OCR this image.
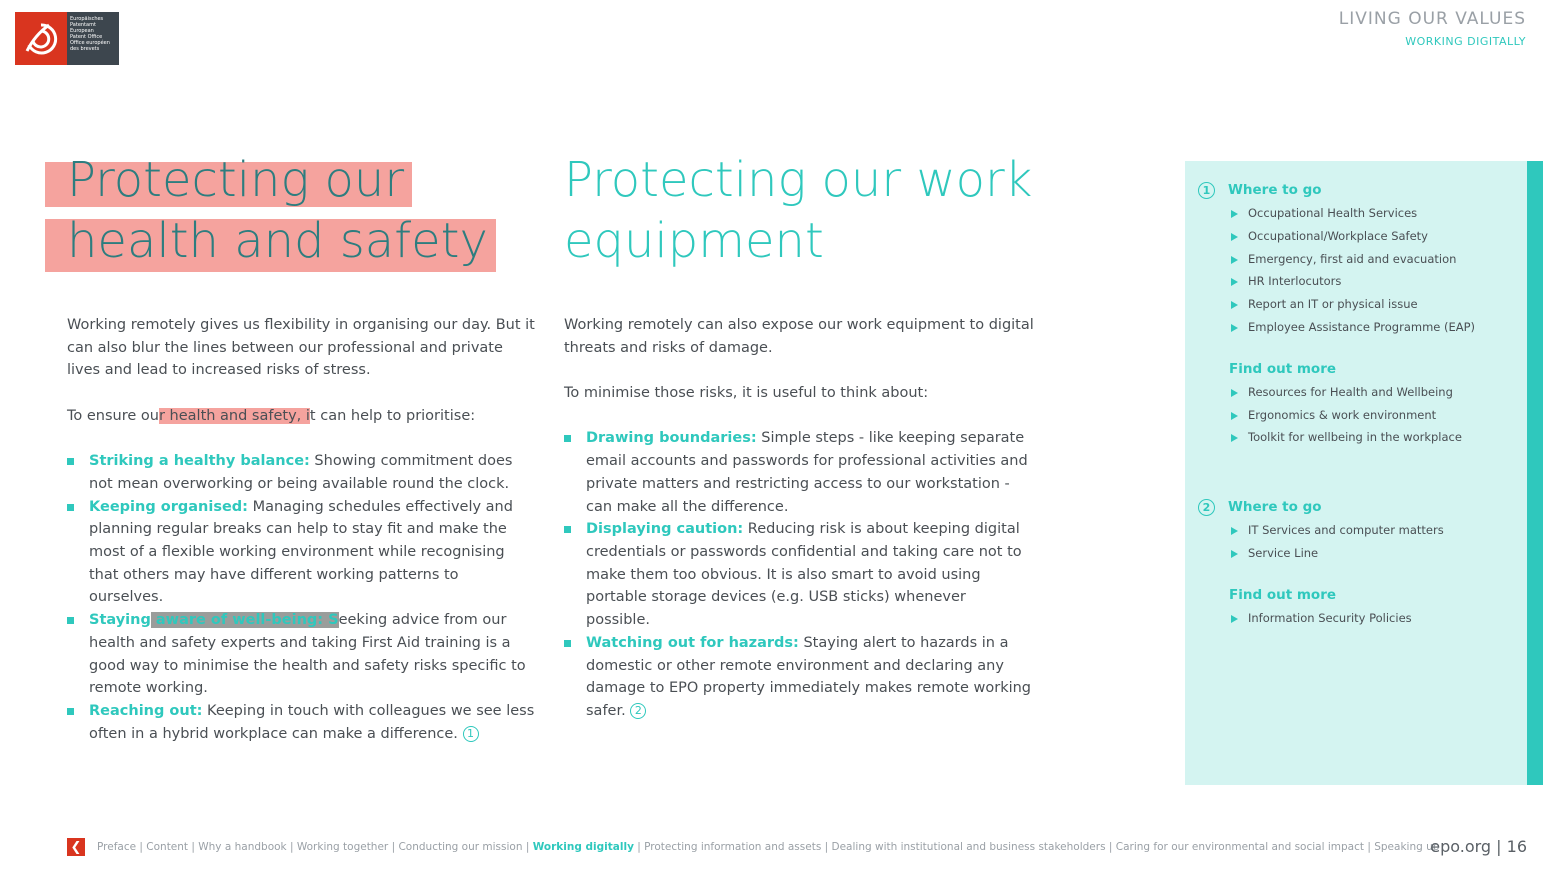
Europäisches
Patentamt
European
Patent Office
Office européen
des brevets
LIVING OUR VALUES
WORKING DIGITALLY
Protecting our
health and safety

Working remotely gives us flexibility in organising our day. But it can also blur the lines between our professional and private lives and lead to increased risks of stress.

To ensure our health and safety, it can help to prioritise:

Striking a healthy balance: Showing commitment does not mean overworking or being available round the clock.
Keeping organised: Managing schedules effectively and planning regular breaks can help to stay fit and make the most of a flexible working environment while recognising that others may have different working patterns to ourselves.
Staying aware of well-being: Seeking advice from our health and safety experts and taking First Aid training is a good way to minimise the health and safety risks specific to remote working.
Reaching out: Keeping in touch with colleagues we see less often in a hybrid workplace can make a difference. 1
Protecting our work
equipment

Working remotely can also expose our work equipment to digital threats and risks of damage.

To minimise those risks, it is useful to think about:

Drawing boundaries: Simple steps - like keeping separate email accounts and passwords for professional activities and private matters and restricting access to our workstation - can make all the difference.
Displaying caution: Reducing risk is about keeping digital credentials or passwords confidential and taking care not to make them too obvious. It is also smart to avoid using portable storage devices (e.g. USB sticks) whenever possible.
Watching out for hazards: Staying alert to hazards in a domestic or other remote environment and declaring any damage to EPO property immediately makes remote working safer. 2
1	Where to go
Occupational Health Services
Occupational/Workplace Safety
Emergency, first aid and evacuation
HR Interlocutors
Report an IT or physical issue
Employee Assistance Programme (EAP)
Find out more
Resources for Health and Wellbeing
Ergonomics & work environment
Toolkit for wellbeing in the workplace
2	Where to go
IT Services and computer matters
Service Line
Find out more
Information Security Policies
❮ Preface | Content | Why a handbook | Working together | Conducting our mission | Working digitally | Protecting information and assets | Dealing with institutional and business stakeholders | Caring for our environmental and social impact | Speaking up
epo.org | 16
